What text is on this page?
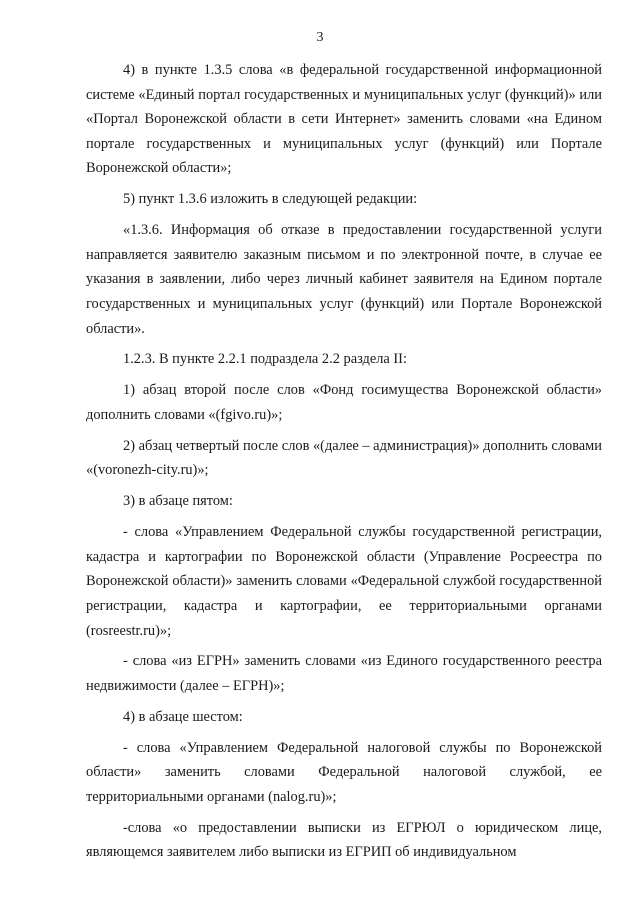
3

4) в пункте 1.3.5 слова «в федеральной государственной информационной системе «Единый портал государственных и муниципальных услуг (функций)» или «Портал Воронежской области в сети Интернет» заменить словами «на Едином портале государственных и муниципальных услуг (функций) или Портале Воронежской области»;

5) пункт 1.3.6 изложить в следующей редакции:

«1.3.6. Информация об отказе в предоставлении государственной услуги направляется заявителю заказным письмом и по электронной почте, в случае ее указания в заявлении, либо через личный кабинет заявителя на Едином портале государственных и муниципальных услуг (функций) или Портале Воронежской области».

1.2.3. В пункте 2.2.1 подраздела 2.2 раздела II:

1) абзац второй после слов «Фонд госимущества Воронежской области» дополнить словами «(fgivo.ru)»;

2) абзац четвертый после слов «(далее – администрация)» дополнить словами «(voronezh-city.ru)»;

3) в абзаце пятом:

- слова «Управлением Федеральной службы государственной регистрации, кадастра и картографии по Воронежской области (Управление Росреестра по Воронежской области)» заменить словами «Федеральной службой государственной регистрации, кадастра и картографии, ее территориальными органами (rosreestr.ru)»;

- слова «из ЕГРН» заменить словами «из Единого государственного реестра недвижимости (далее – ЕГРН)»;

4) в абзаце шестом:

- слова «Управлением Федеральной налоговой службы по Воронежской области» заменить словами Федеральной налоговой службой, ее территориальными органами (nalog.ru)»;

-слова «о предоставлении выписки из ЕГРЮЛ о юридическом лице, являющемся заявителем либо выписки из ЕГРИП об индивидуальном
